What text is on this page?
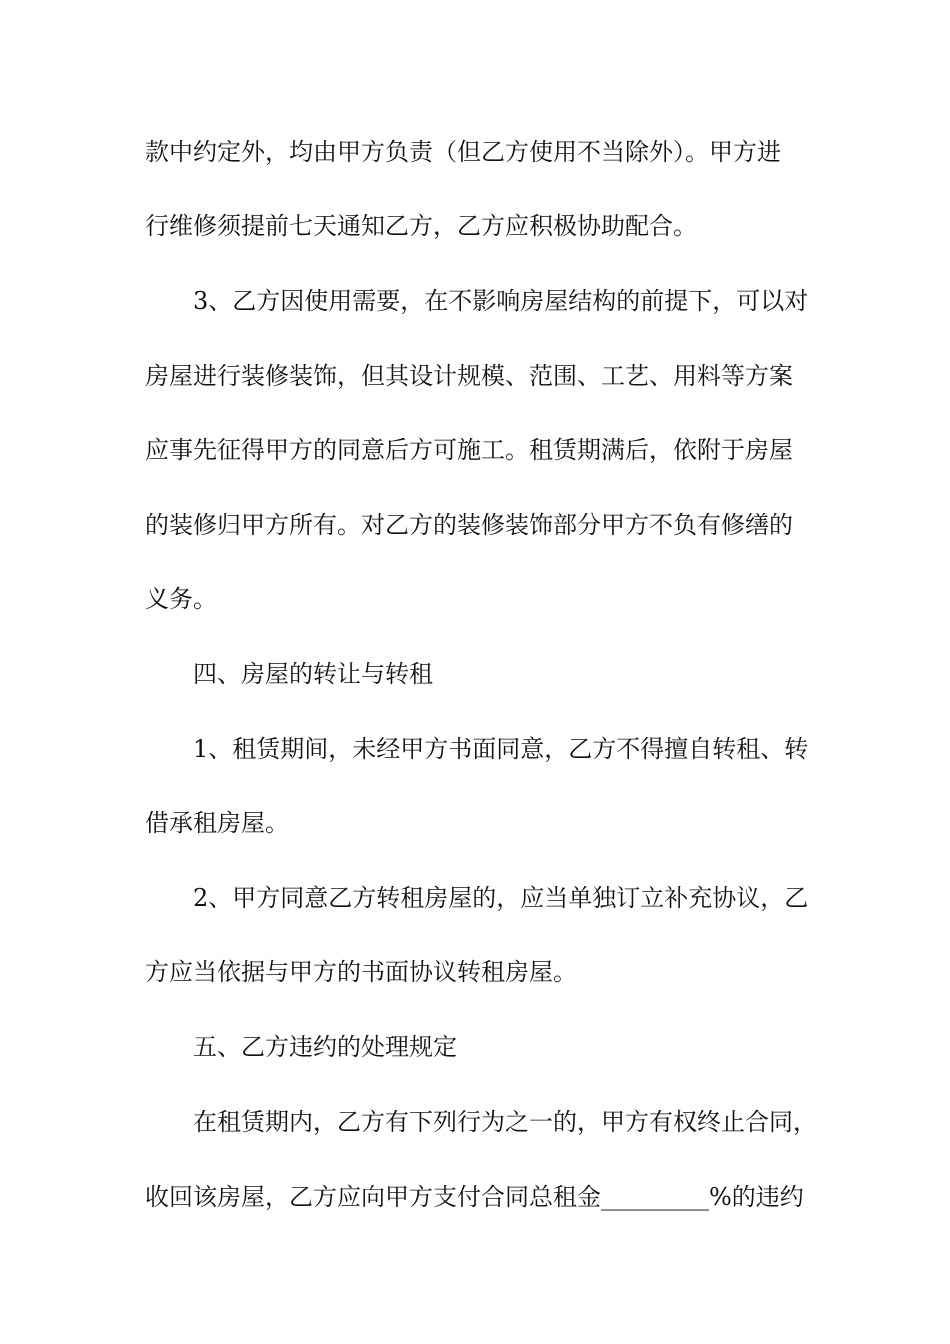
款中约定外，均由甲方负责（但乙方使用不当除外）。甲方进

行维修须提前七天通知乙方，乙方应积极协助配合。

3、乙方因使用需要，在不影响房屋结构的前提下，可以对

房屋进行装修装饰，但其设计规模、范围、工艺、用料等方案

应事先征得甲方的同意后方可施工。租赁期满后，依附于房屋

的装修归甲方所有。对乙方的装修装饰部分甲方不负有修缮的

义务。

四、房屋的转让与转租

1、租赁期间，未经甲方书面同意，乙方不得擅自转租、转

借承租房屋。

2、甲方同意乙方转租房屋的，应当单独订立补充协议，乙

方应当依据与甲方的书面协议转租房屋。

五、乙方违约的处理规定

在租赁期内，乙方有下列行为之一的，甲方有权终止合同，

收回该房屋，乙方应向甲方支付合同总租金_________%的违约
